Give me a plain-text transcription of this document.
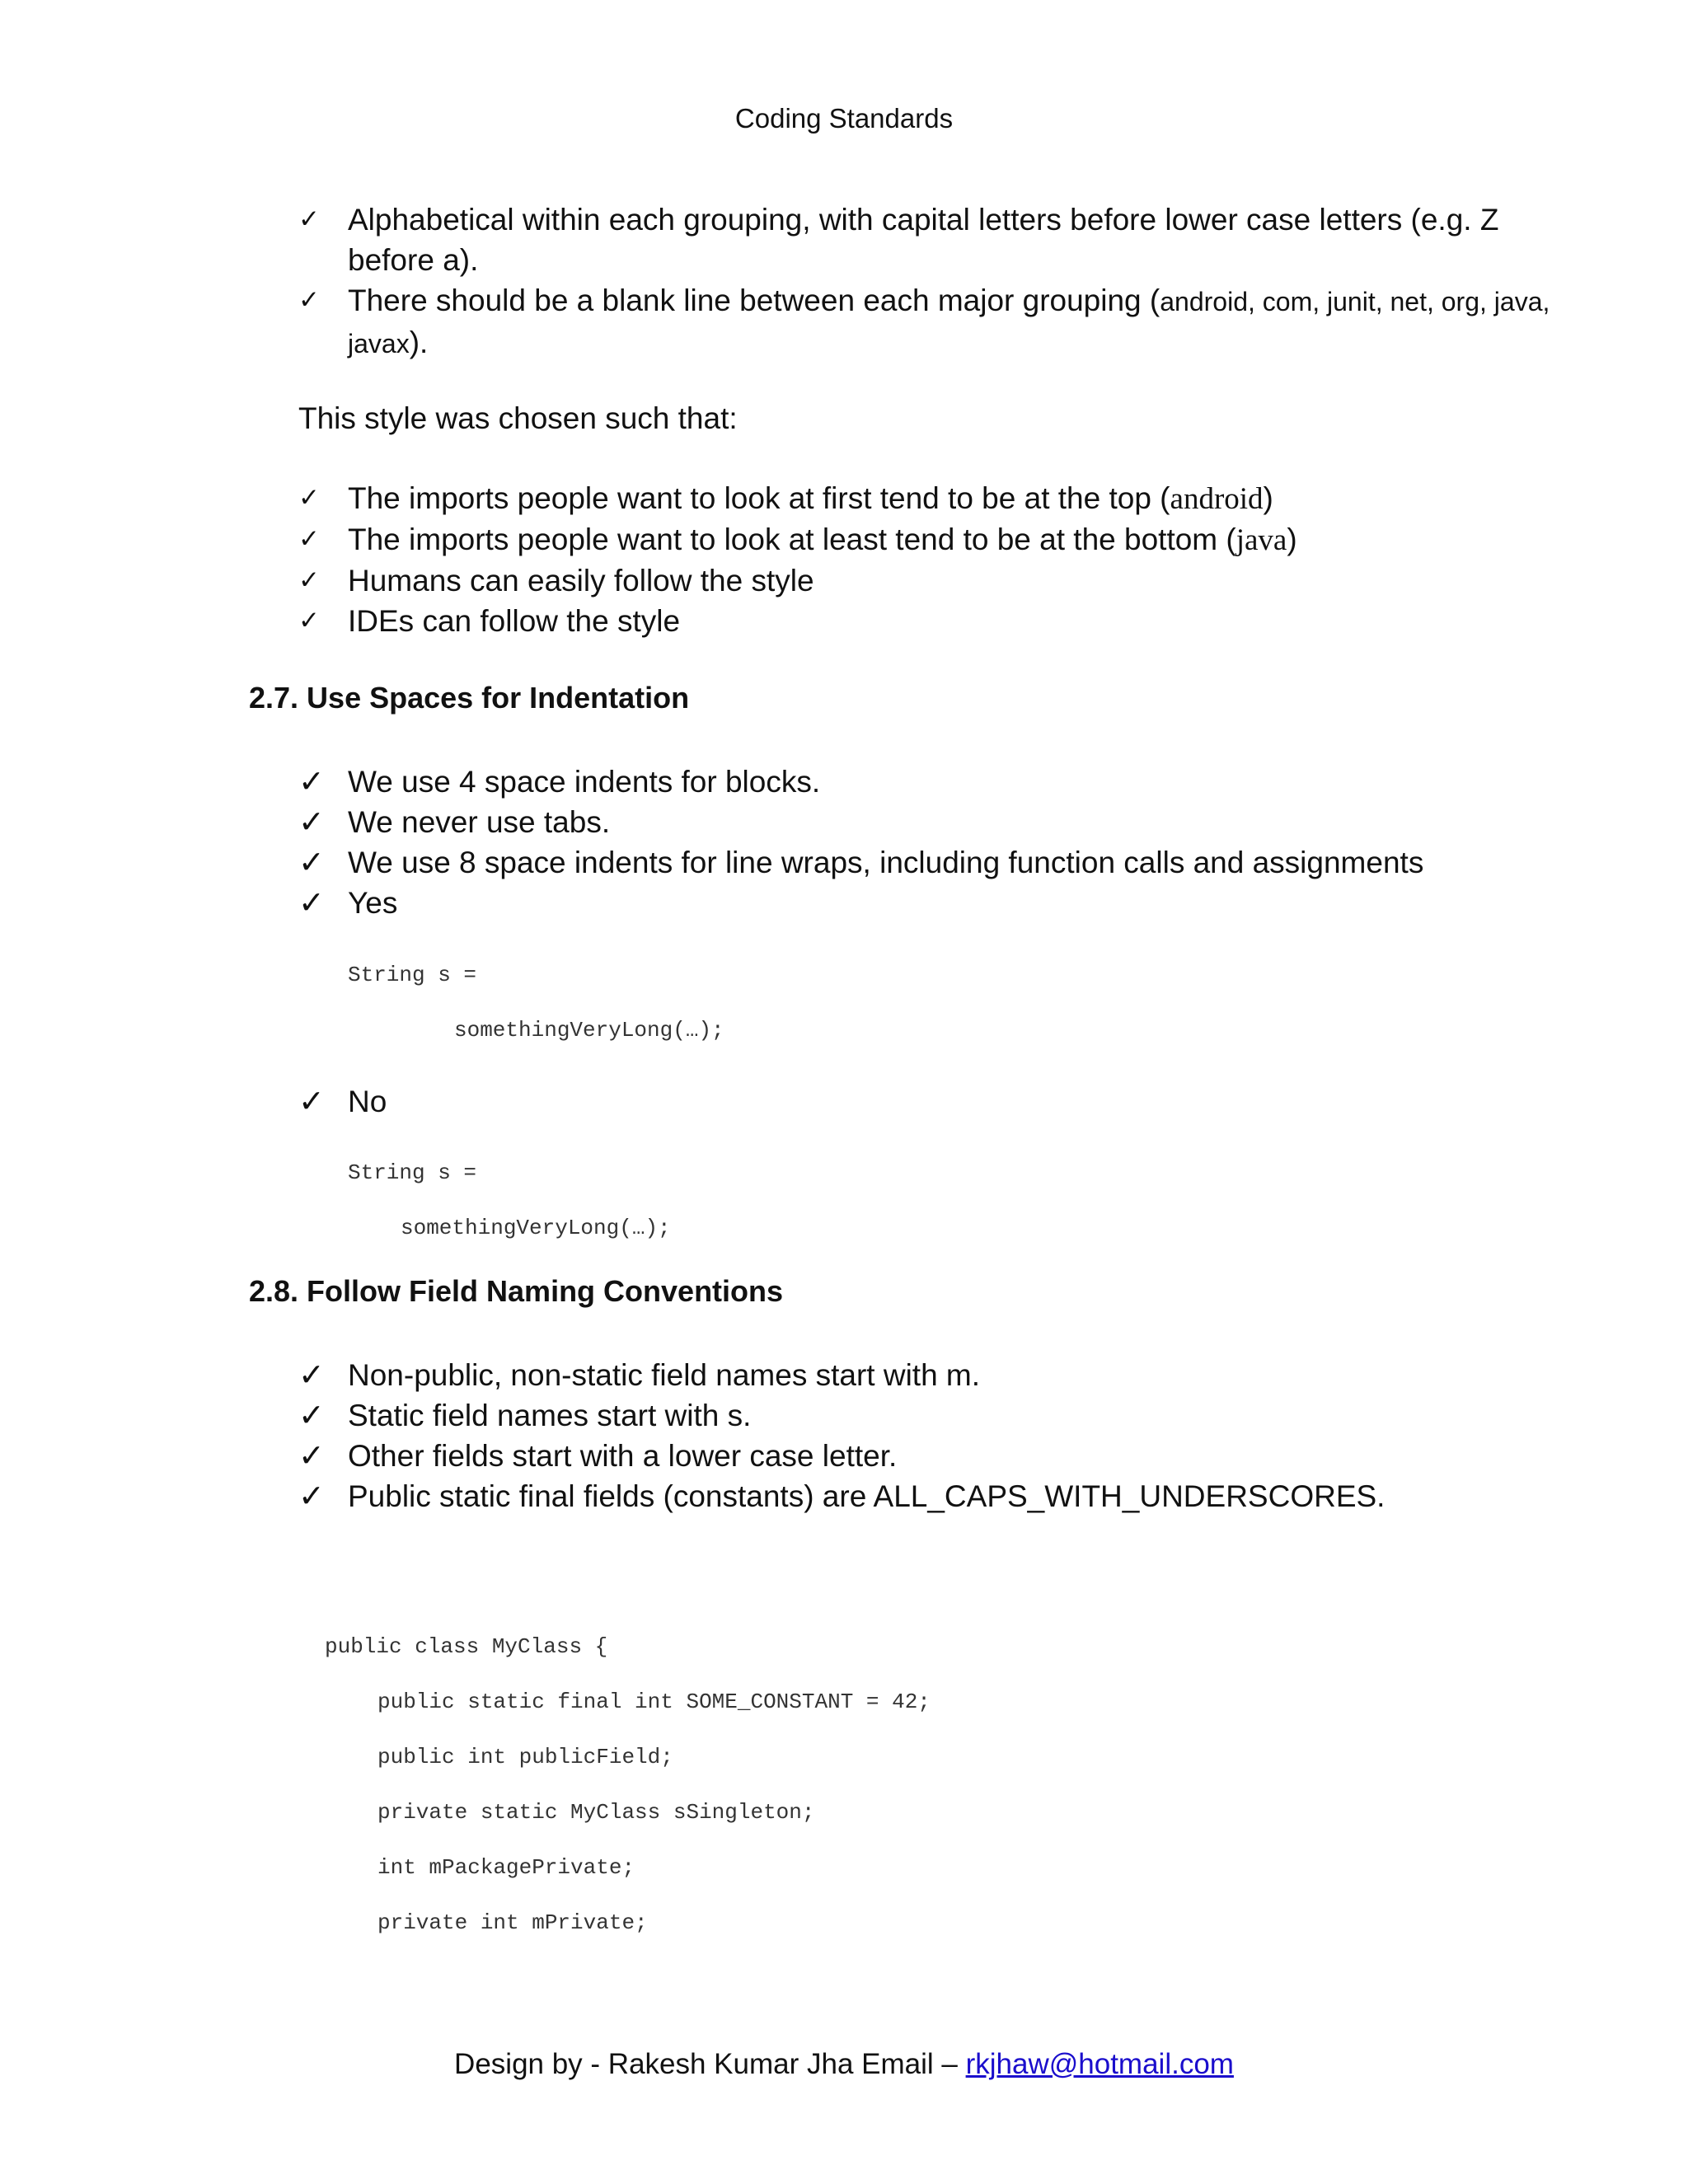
Coding Standards
✓ Alphabetical within each grouping, with capital letters before lower case letters (e.g. Z before a).
✓ There should be a blank line between each major grouping (android, com, junit, net, org, java, javax).
This style was chosen such that:
✓ The imports people want to look at first tend to be at the top (android)
✓ The imports people want to look at least tend to be at the bottom (java)
✓ Humans can easily follow the style
✓ IDEs can follow the style
2.7. Use Spaces for Indentation
✓ We use 4 space indents for blocks.
✓ We never use tabs.
✓ We use 8 space indents for line wraps, including function calls and assignments
✓ Yes
String s =
somethingVeryLong(…);
✓ No
String s =
somethingVeryLong(…);
2.8. Follow Field Naming Conventions
✓ Non-public, non-static field names start with m.
✓ Static field names start with s.
✓ Other fields start with a lower case letter.
✓ Public static final fields (constants) are ALL_CAPS_WITH_UNDERSCORES.
public class MyClass {
public static final int SOME_CONSTANT = 42;
public int publicField;
private static MyClass sSingleton;
int mPackagePrivate;
private int mPrivate;
Design by - Rakesh Kumar Jha Email – rkjhaw@hotmail.com
